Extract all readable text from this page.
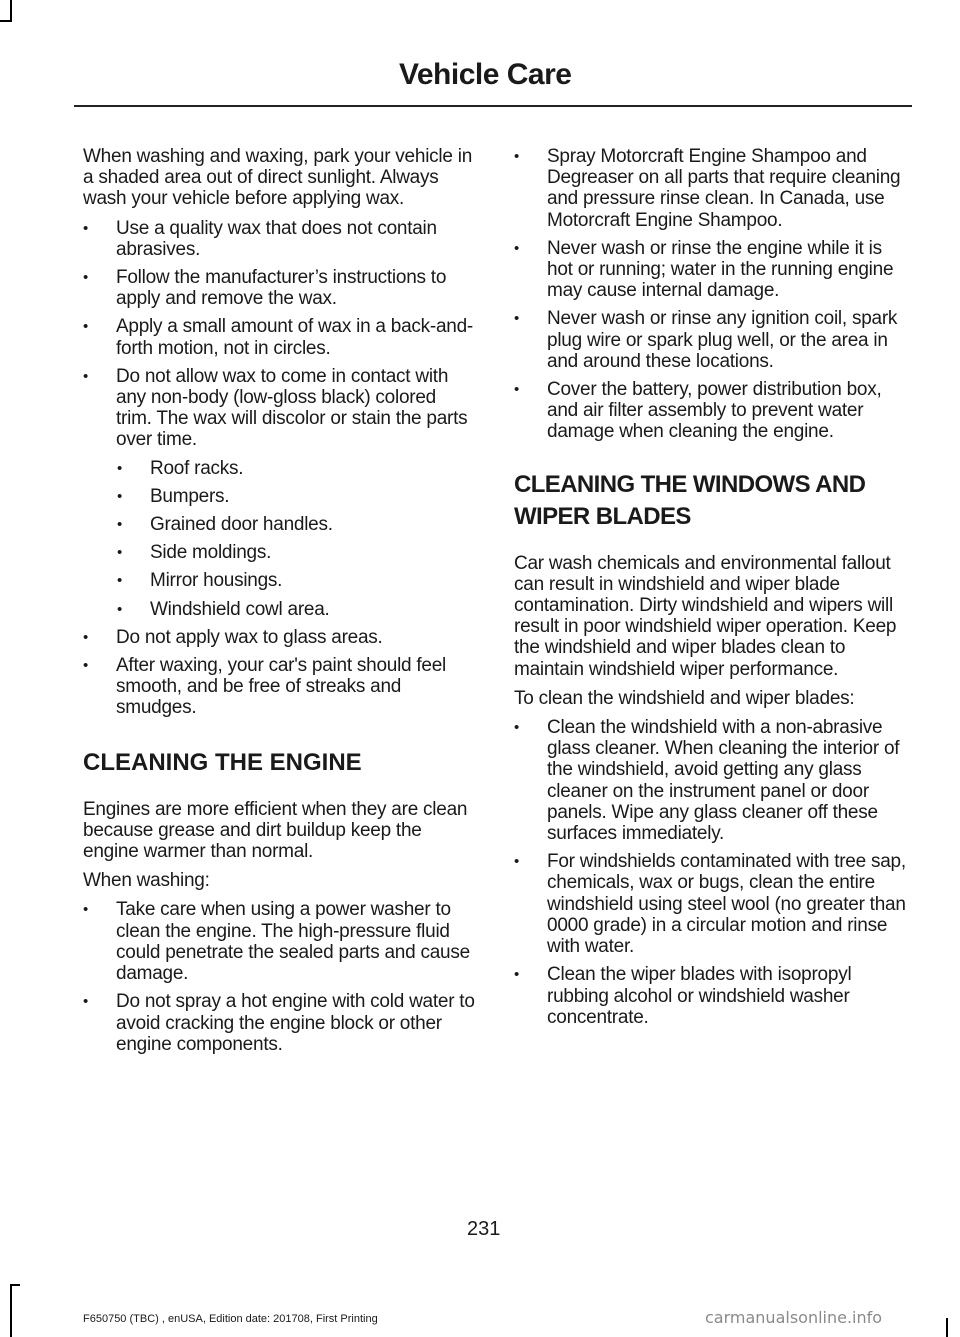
Vehicle Care

When washing and waxing, park your vehicle in a shaded area out of direct sunlight. Always wash your vehicle before applying wax.

• Use a quality wax that does not contain abrasives.
• Follow the manufacturer’s instructions to apply and remove the wax.
• Apply a small amount of wax in a back-and-forth motion, not in circles.
• Do not allow wax to come in contact with any non-body (low-gloss black) colored trim. The wax will discolor or stain the parts over time.
• Roof racks.
• Bumpers.
• Grained door handles.
• Side moldings.
• Mirror housings.
• Windshield cowl area.
• Do not apply wax to glass areas.
• After waxing, your car's paint should feel smooth, and be free of streaks and smudges.
CLEANING THE ENGINE

Engines are more efficient when they are clean because grease and dirt buildup keep the engine warmer than normal.

When washing:

• Take care when using a power washer to clean the engine. The high-pressure fluid could penetrate the sealed parts and cause damage.
• Do not spray a hot engine with cold water to avoid cracking the engine block or other engine components.
• Spray Motorcraft Engine Shampoo and Degreaser on all parts that require cleaning and pressure rinse clean. In Canada, use Motorcraft Engine Shampoo.
• Never wash or rinse the engine while it is hot or running; water in the running engine may cause internal damage.
• Never wash or rinse any ignition coil, spark plug wire or spark plug well, or the area in and around these locations.
• Cover the battery, power distribution box, and air filter assembly to prevent water damage when cleaning the engine.
CLEANING THE WINDOWS AND
WIPER BLADES

Car wash chemicals and environmental fallout can result in windshield and wiper blade contamination. Dirty windshield and wipers will result in poor windshield wiper operation. Keep the windshield and wiper blades clean to maintain windshield wiper performance.

To clean the windshield and wiper blades:

• Clean the windshield with a non-abrasive glass cleaner. When cleaning the interior of the windshield, avoid getting any glass cleaner on the instrument panel or door panels. Wipe any glass cleaner off these surfaces immediately.
• For windshields contaminated with tree sap, chemicals, wax or bugs, clean the entire windshield using steel wool (no greater than 0000 grade) in a circular motion and rinse with water.
• Clean the wiper blades with isopropyl rubbing alcohol or windshield washer concentrate.
231
F650750 (TBC) , enUSA, Edition date: 201708, First Printing	carmanualsonline.info
